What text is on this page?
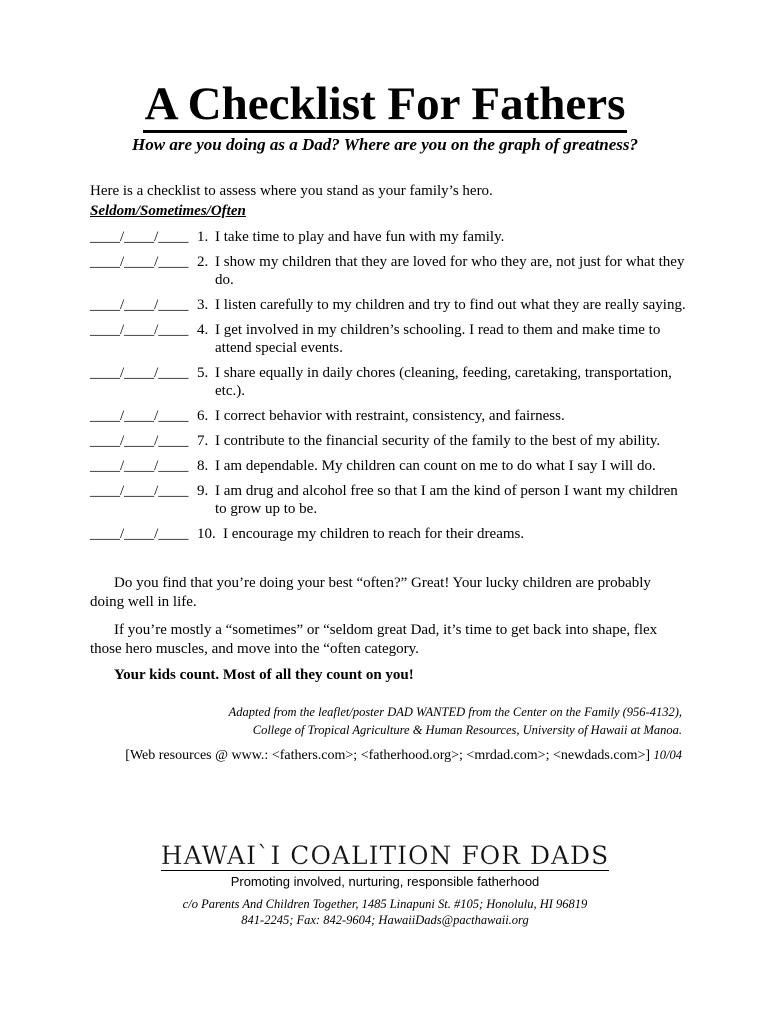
A Checklist For Fathers
How are you doing as a Dad? Where are you on the graph of greatness?
Here is a checklist to assess where you stand as your family’s hero.
Seldom/Sometimes/Often
____/____/____ 1. I take time to play and have fun with my family.
____/____/____ 2. I show my children that they are loved for who they are, not just for what they do.
____/____/____ 3. I listen carefully to my children and try to find out what they are really saying.
____/____/____ 4. I get involved in my children’s schooling. I read to them and make time to attend special events.
____/____/____ 5. I share equally in daily chores (cleaning, feeding, caretaking, transportation, etc.).
____/____/____ 6. I correct behavior with restraint, consistency, and fairness.
____/____/____ 7. I contribute to the financial security of the family to the best of my ability.
____/____/____ 8. I am dependable. My children can count on me to do what I say I will do.
____/____/____ 9. I am drug and alcohol free so that I am the kind of person I want my children to grow up to be.
____/____/____ 10. I encourage my children to reach for their dreams.
Do you find that you’re doing your best “often?” Great! Your lucky children are probably doing well in life.
If you’re mostly a “sometimes” or “seldom great Dad, it’s time to get back into shape, flex those hero muscles, and move into the “often category.
Your kids count. Most of all they count on you!
Adapted from the leaflet/poster DAD WANTED from the Center on the Family (956-4132),
College of Tropical Agriculture & Human Resources, University of Hawaii at Manoa.
[Web resources @ www.: <fathers.com>; <fatherhood.org>; <mrdad.com>; <newdads.com>] 10/04
HAWAI`I COALITION FOR DADS
Promoting involved, nurturing, responsible fatherhood
c/o Parents And Children Together, 1485 Linapuni St. #105; Honolulu, HI 96819
841-2245; Fax: 842-9604; HawaiiDads@pacthawaii.org
